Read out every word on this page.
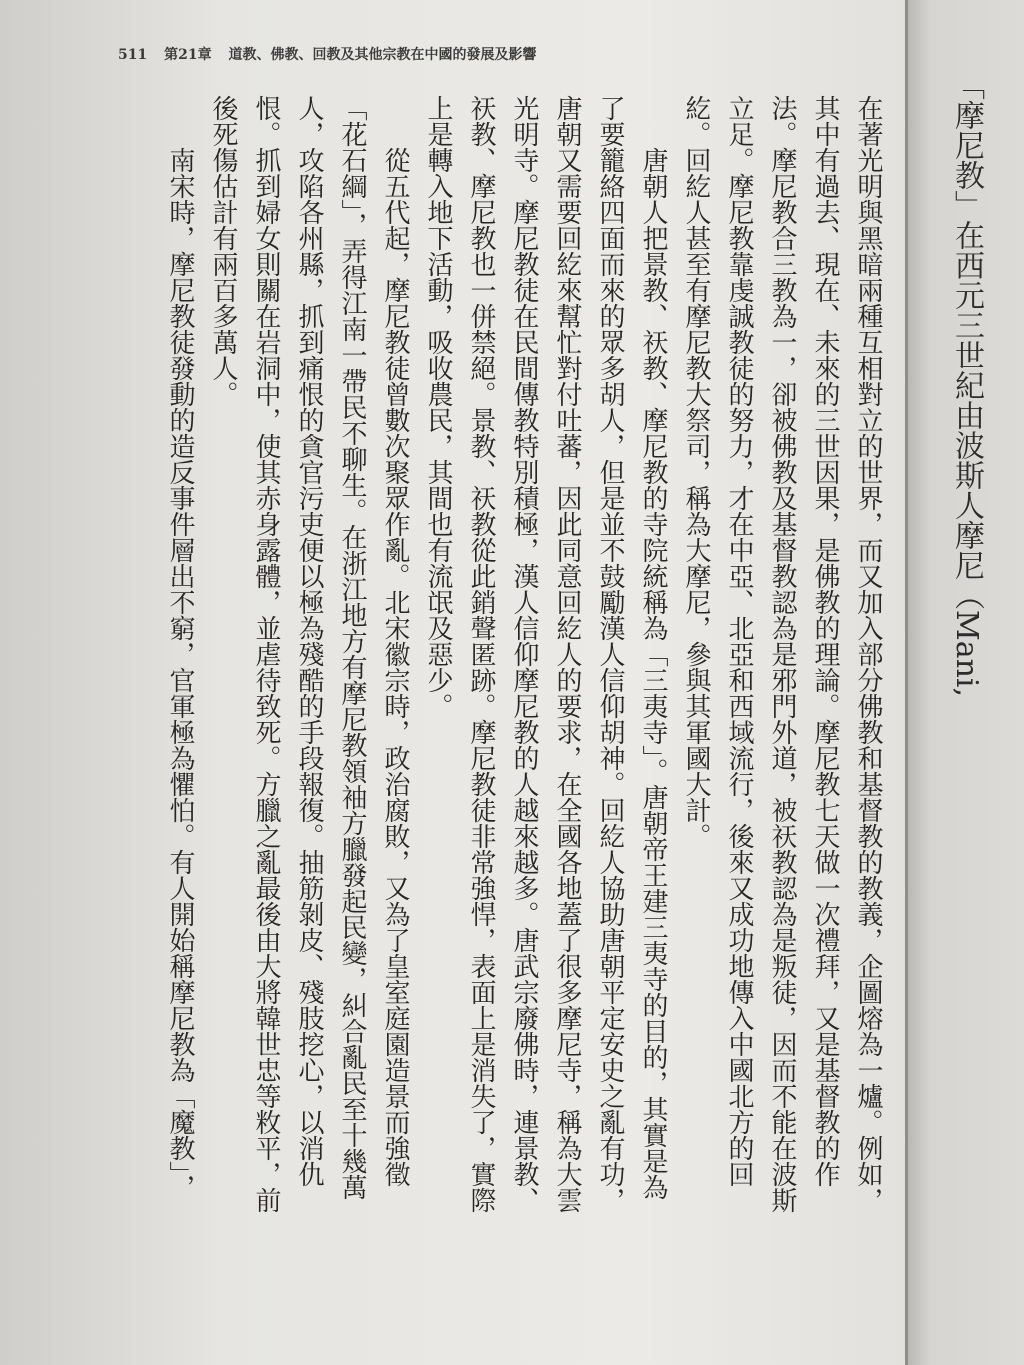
「摩尼教」在西元三世紀由波斯人摩尼（Mani,
511 第21章 道教、佛教、回教及其他宗教在中國的發展及影響
在著光明與黑暗兩種互相對立的世界，而又加入部分佛教和基督教的教義，企圖熔為一爐。例如，
其中有過去、現在、未來的三世因果，是佛教的理論。摩尼教七天做一次禮拜，又是基督教的作
法。摩尼教合三教為一，卻被佛教及基督教認為是邪門外道，被祆教認為是叛徒，因而不能在波斯
立足。摩尼教靠虔誠教徒的努力，才在中亞、北亞和西域流行，後來又成功地傳入中國北方的回
紇。回紇人甚至有摩尼教大祭司，稱為大摩尼，參與其軍國大計。
唐朝人把景教、祆教、摩尼教的寺院統稱為「三夷寺」。唐朝帝王建三夷寺的目的，其實是為
了要籠絡四面而來的眾多胡人，但是並不鼓勵漢人信仰胡神。回紇人協助唐朝平定安史之亂有功，
唐朝又需要回紇來幫忙對付吐蕃，因此同意回紇人的要求，在全國各地蓋了很多摩尼寺，稱為大雲
光明寺。摩尼教徒在民間傳教特別積極，漢人信仰摩尼教的人越來越多。唐武宗廢佛時，連景教、
祆教、摩尼教也一併禁絕。景教、祆教從此銷聲匿跡。摩尼教徒非常強悍，表面上是消失了，實際
上是轉入地下活動，吸收農民，其間也有流氓及惡少。
從五代起，摩尼教徒曾數次聚眾作亂。北宋徽宗時，政治腐敗，又為了皇室庭園造景而強徵
「花石綱」，弄得江南一帶民不聊生。在浙江地方有摩尼教領袖方臘發起民變，糾合亂民至十幾萬
人，攻陷各州縣，抓到痛恨的貪官污吏便以極為殘酷的手段報復。抽筋剝皮、殘肢挖心，以消仇
恨。抓到婦女則關在岩洞中，使其赤身露體，並虐待致死。方臘之亂最後由大將韓世忠等敉平，前
後死傷估計有兩百多萬人。
南宋時，摩尼教徒發動的造反事件層出不窮，官軍極為懼怕。有人開始稱摩尼教為「魔教」，
